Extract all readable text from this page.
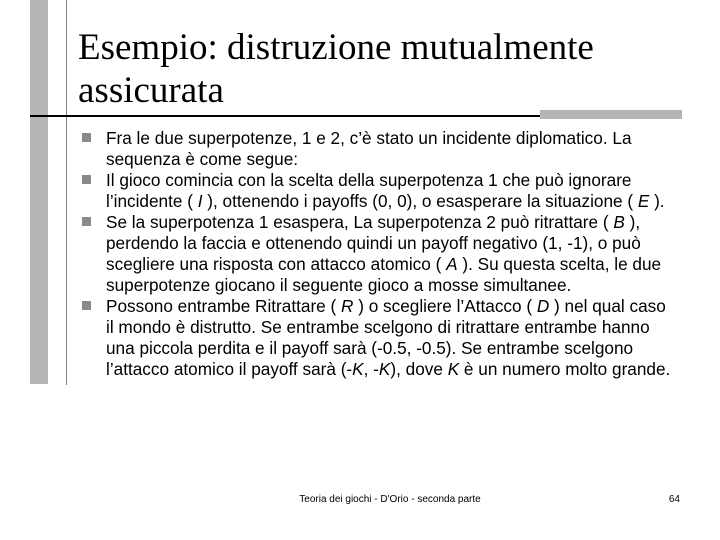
Esempio: distruzione mutualmente
assicurata
Fra le due superpotenze, 1 e 2, c’è stato un incidente diplomatico. La sequenza è come segue:
Il gioco comincia con la scelta della superpotenza 1 che può ignorare l’incidente ( I ), ottenendo i payoffs (0, 0), o esasperare la situazione ( E ).
Se la superpotenza 1 esaspera, La superpotenza 2 può ritrattare ( B ), perdendo la faccia e ottenendo quindi un payoff negativo (1, -1), o può scegliere una risposta con attacco atomico ( A ). Su questa scelta, le due superpotenze giocano il seguente gioco a mosse simultanee.
Possono entrambe Ritrattare ( R ) o scegliere l’Attacco ( D ) nel qual caso il mondo è distrutto. Se entrambe scelgono di ritrattare entrambe hanno una piccola perdita e il payoff sarà (-0.5, -0.5). Se entrambe scelgono l’attacco atomico il payoff sarà (-K, -K), dove K è un numero molto grande.
Teoria dei giochi - D'Orio - seconda parte	64
